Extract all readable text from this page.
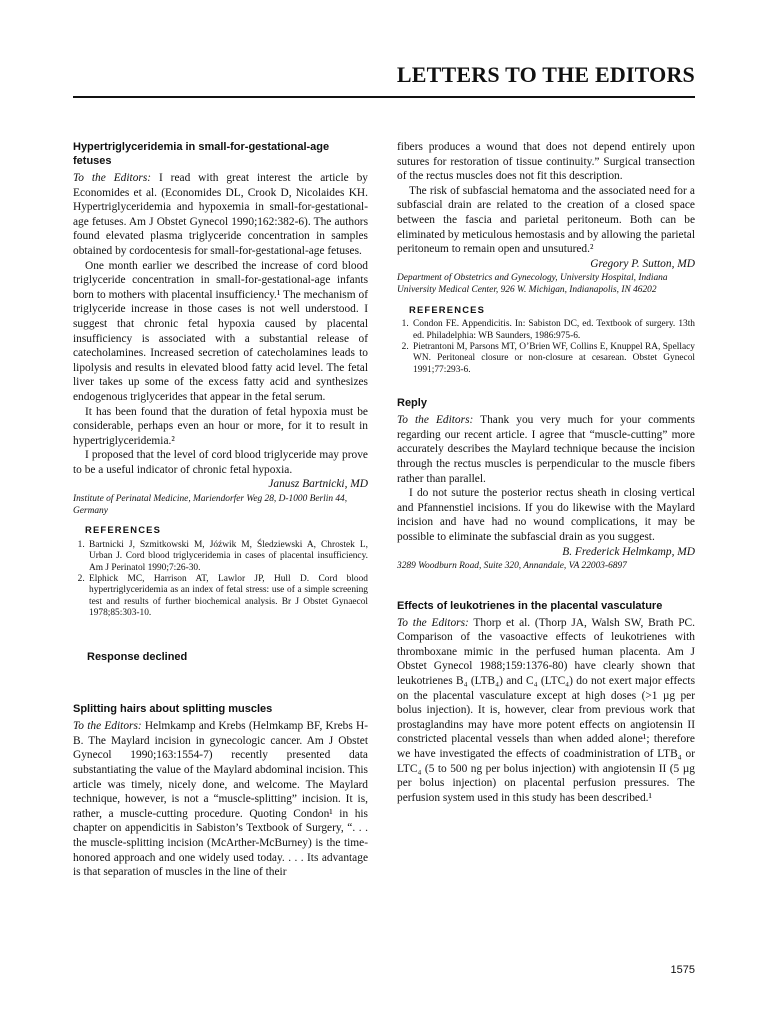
LETTERS TO THE EDITORS
Hypertriglyceridemia in small-for-gestational-age fetuses

To the Editors: I read with great interest the article by Economides et al. (Economides DL, Crook D, Nicolaides KH. Hypertriglyceridemia and hypoxemia in small-for-gestational-age fetuses. Am J Obstet Gynecol 1990;162:382-6). The authors found elevated plasma triglyceride concentration in samples obtained by cordocentesis for small-for-gestational-age fetuses.

One month earlier we described the increase of cord blood triglyceride concentration in small-for-gestational-age infants born to mothers with placental insufficiency.¹ The mechanism of triglyceride increase in those cases is not well understood. I suggest that chronic fetal hypoxia caused by placental insufficiency is associated with a substantial release of catecholamines. Increased secretion of catecholamines leads to lipolysis and results in elevated blood fatty acid level. The fetal liver takes up some of the excess fatty acid and synthesizes endogenous triglycerides that appear in the fetal serum.

It has been found that the duration of fetal hypoxia must be considerable, perhaps even an hour or more, for it to result in hypertriglyceridemia.²

I proposed that the level of cord blood triglyceride may prove to be a useful indicator of chronic fetal hypoxia.

Janusz Bartnicki, MD

Institute of Perinatal Medicine, Mariendorfer Weg 28, D-1000 Berlin 44, Germany

REFERENCES
1. Bartnicki J, Szmitkowski M, Jóźwik M, Śledziewski A, Chrostek L, Urban J. Cord blood triglyceridemia in cases of placental insufficiency. Am J Perinatol 1990;7:26-30.
2. Elphick MC, Harrison AT, Lawlor JP, Hull D. Cord blood hypertriglyceridemia as an index of fetal stress: use of a simple screening test and results of further biochemical analysis. Br J Obstet Gynaecol 1978;85:303-10.
Response declined
Splitting hairs about splitting muscles

To the Editors: Helmkamp and Krebs (Helmkamp BF, Krebs H-B. The Maylard incision in gynecologic cancer. Am J Obstet Gynecol 1990;163:1554-7) recently presented data substantiating the value of the Maylard abdominal incision. This article was timely, nicely done, and welcome. The Maylard technique, however, is not a “muscle-splitting” incision. It is, rather, a muscle-cutting procedure. Quoting Condon¹ in his chapter on appendicitis in Sabiston’s Textbook of Surgery, “. . . the muscle-splitting incision (McArther-McBurney) is the time-honored approach and one widely used today. . . . Its advantage is that separation of muscles in the line of their

fibers produces a wound that does not depend entirely upon sutures for restoration of tissue continuity.” Surgical transection of the rectus muscles does not fit this description.

The risk of subfascial hematoma and the associated need for a subfascial drain are related to the creation of a closed space between the fascia and parietal peritoneum. Both can be eliminated by meticulous hemostasis and by allowing the parietal peritoneum to remain open and unsutured.²

Gregory P. Sutton, MD

Department of Obstetrics and Gynecology, University Hospital, Indiana University Medical Center, 926 W. Michigan, Indianapolis, IN 46202

REFERENCES
1. Condon FE. Appendicitis. In: Sabiston DC, ed. Textbook of surgery. 13th ed. Philadelphia: WB Saunders, 1986:975-6.
2. Pietrantoni M, Parsons MT, O’Brien WF, Collins E, Knuppel RA, Spellacy WN. Peritoneal closure or non-closure at cesarean. Obstet Gynecol 1991;77:293-6.
Reply

To the Editors: Thank you very much for your comments regarding our recent article. I agree that “muscle-cutting” more accurately describes the Maylard technique because the incision through the rectus muscles is perpendicular to the muscle fibers rather than parallel.

I do not suture the posterior rectus sheath in closing vertical and Pfannenstiel incisions. If you do likewise with the Maylard incision and have had no wound complications, it may be possible to eliminate the subfascial drain as you suggest.

B. Frederick Helmkamp, MD

3289 Woodburn Road, Suite 320, Annandale, VA 22003-6897

Effects of leukotrienes in the placental vasculature

To the Editors: Thorp et al. (Thorp JA, Walsh SW, Brath PC. Comparison of the vasoactive effects of leukotrienes with thromboxane mimic in the perfused human placenta. Am J Obstet Gynecol 1988;159:1376-80) have clearly shown that leukotrienes B₄ (LTB₄) and C₄ (LTC₄) do not exert major effects on the placental vasculature except at high doses (>1 µg per bolus injection). It is, however, clear from previous work that prostaglandins may have more potent effects on angiotensin II constricted placental vessels than when added alone¹; therefore we have investigated the effects of coadministration of LTB₄ or LTC₄ (5 to 500 ng per bolus injection) with angiotensin II (5 µg per bolus injection) on placental perfusion pressures. The perfusion system used in this study has been described.¹

1575
